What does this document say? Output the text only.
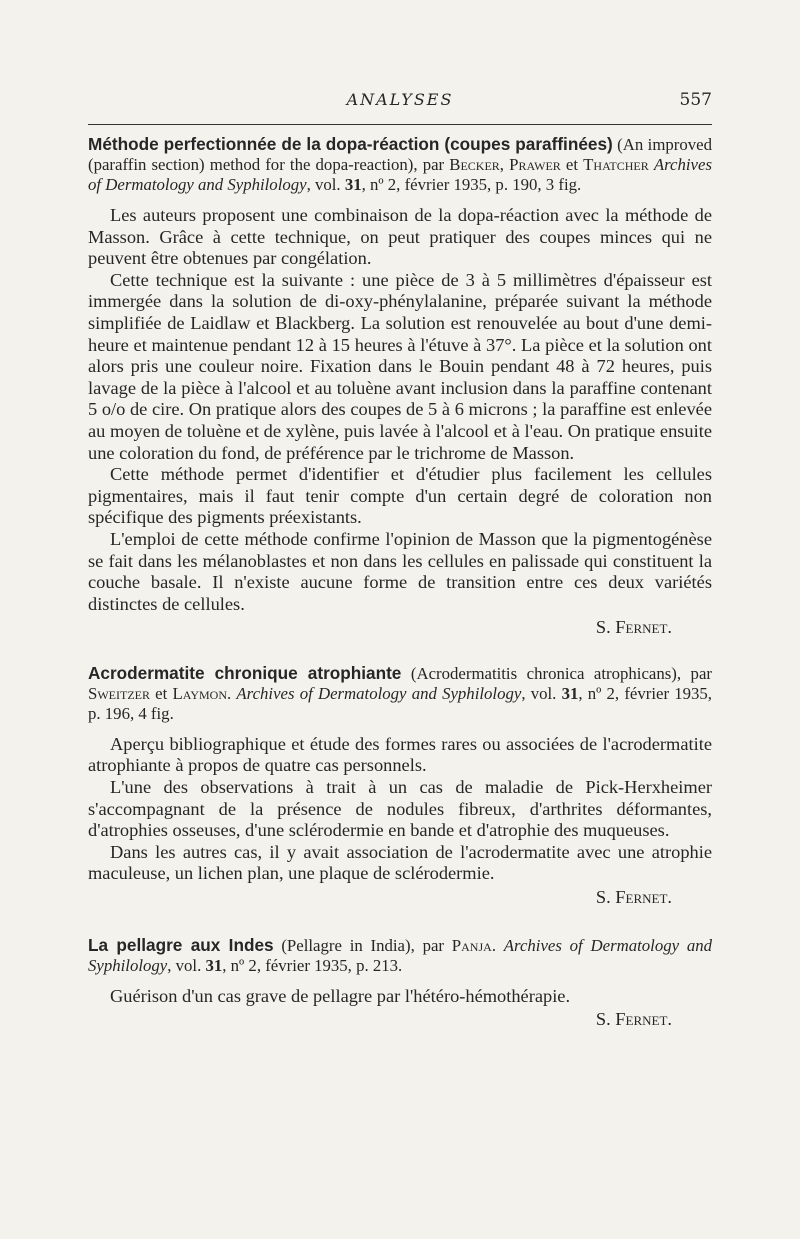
ANALYSES	557

Méthode perfectionnée de la dopa-réaction (coupes paraffinées) (An improved (paraffin section) method for the dopa-reaction), par Becker, Prawer et Thatcher Archives of Dermatology and Syphilology, vol. 31, nº 2, février 1935, p. 190, 3 fig.

Les auteurs proposent une combinaison de la dopa-réaction avec la méthode de Masson. Grâce à cette technique, on peut pratiquer des coupes minces qui ne peuvent être obtenues par congélation.

Cette technique est la suivante : une pièce de 3 à 5 millimètres d'épaisseur est immergée dans la solution de di-oxy-phénylalanine, préparée suivant la méthode simplifiée de Laidlaw et Blackberg. La solution est renouvelée au bout d'une demi-heure et maintenue pendant 12 à 15 heures à l'étuve à 37°. La pièce et la solution ont alors pris une couleur noire. Fixation dans le Bouin pendant 48 à 72 heures, puis lavage de la pièce à l'alcool et au toluène avant inclusion dans la paraffine contenant 5 o/o de cire. On pratique alors des coupes de 5 à 6 microns ; la paraffine est enlevée au moyen de toluène et de xylène, puis lavée à l'alcool et à l'eau. On pratique ensuite une coloration du fond, de préférence par le trichrome de Masson.

Cette méthode permet d'identifier et d'étudier plus facilement les cellules pigmentaires, mais il faut tenir compte d'un certain degré de coloration non spécifique des pigments préexistants.

L'emploi de cette méthode confirme l'opinion de Masson que la pigmentogénèse se fait dans les mélanoblastes et non dans les cellules en palissade qui constituent la couche basale. Il n'existe aucune forme de transition entre ces deux variétés distinctes de cellules.

S. Fernet.

Acrodermatite chronique atrophiante (Acrodermatitis chronica atrophicans), par Sweitzer et Laymon. Archives of Dermatology and Syphilology, vol. 31, nº 2, février 1935, p. 196, 4 fig.

Aperçu bibliographique et étude des formes rares ou associées de l'acrodermatite atrophiante à propos de quatre cas personnels.

L'une des observations à trait à un cas de maladie de Pick-Herxheimer s'accompagnant de la présence de nodules fibreux, d'arthrites déformantes, d'atrophies osseuses, d'une sclérodermie en bande et d'atrophie des muqueuses.

Dans les autres cas, il y avait association de l'acrodermatite avec une atrophie maculeuse, un lichen plan, une plaque de sclérodermie.

S. Fernet.

La pellagre aux Indes (Pellagre in India), par Panja. Archives of Dermatology and Syphilology, vol. 31, nº 2, février 1935, p. 213.

Guérison d'un cas grave de pellagre par l'hétéro-hémothérapie.

S. Fernet.
